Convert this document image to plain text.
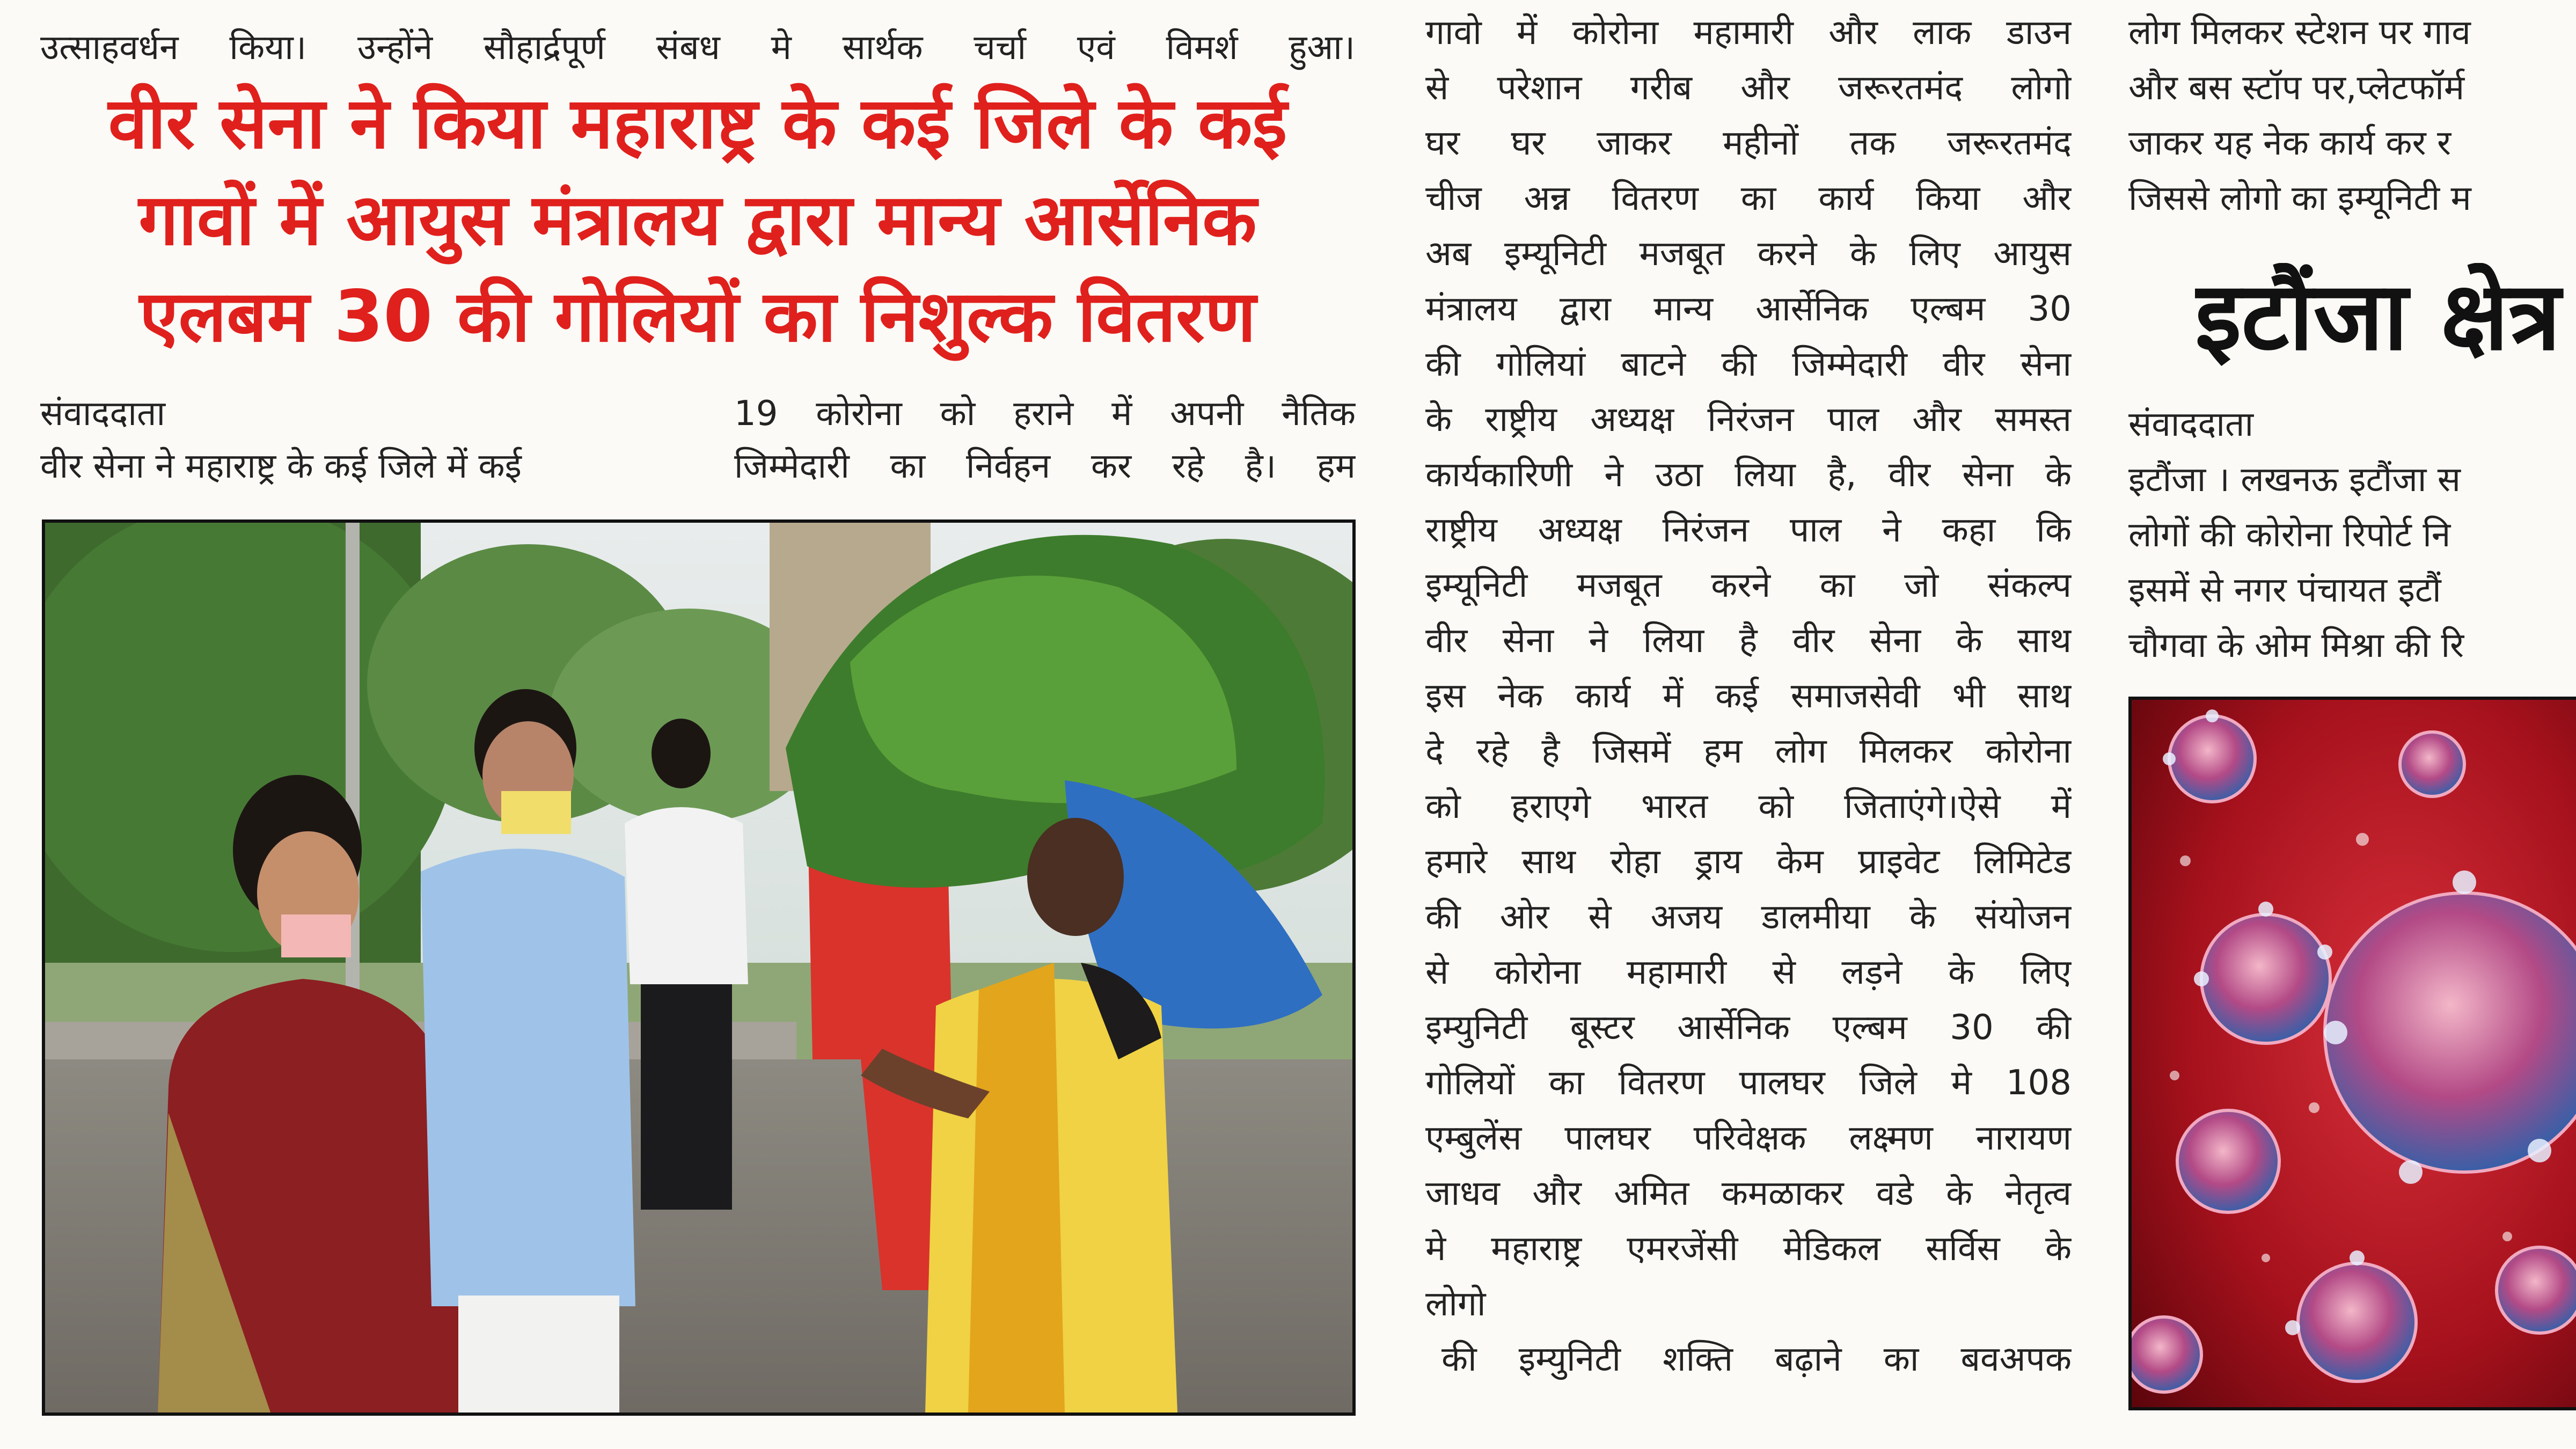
उत्साहवर्धन किया। उन्होंने सौहार्द्रपूर्ण संबध मे सार्थक चर्चा एवं विमर्श हुआ।
वीर सेना ने किया महाराष्ट्र के कई जिले के कई
गावों में आयुस मंत्रालय द्वारा मान्य आर्सेनिक
एलबम 30 की गोलियों का निशुल्क वितरण
संवाददाता
वीर सेना ने महाराष्ट्र के कई जिले में कई
19 कोरोना को हराने में अपनी नैतिक
जिम्मेदारी का निर्वहन कर रहे है। हम
गावो में कोरोना महामारी और लाक डाउन
से परेशान गरीब और जरूरतमंद लोगो
घर घर जाकर महीनों तक जरूरतमंद
चीज अन्न वितरण का कार्य किया और
अब इम्यूनिटी मजबूत करने के लिए आयुस
मंत्रालय द्वारा मान्य आर्सेनिक एल्बम 30
की गोलियां बाटने की जिम्मेदारी वीर सेना
के राष्ट्रीय अध्यक्ष निरंजन पाल और समस्त
कार्यकारिणी ने उठा लिया है, वीर सेना के
राष्ट्रीय अध्यक्ष निरंजन पाल ने कहा कि
इम्यूनिटी मजबूत करने का जो संकल्प
वीर सेना ने लिया है वीर सेना के साथ
इस नेक कार्य में कई समाजसेवी भी साथ
दे रहे है जिसमें हम लोग मिलकर कोरोना
को हराएगे भारत को जिताएंगे।ऐसे में
हमारे साथ रोहा ड्राय केम प्राइवेट लिमिटेड
की ओर से अजय डालमीया के संयोजन
से कोरोना महामारी से लड़ने के लिए
इम्युनिटी बूस्टर आर्सेनिक एल्बम 30 की
गोलियों का वितरण पालघर जिले मे 108
एम्बुलेंस पालघर परिवेक्षक लक्ष्मण नारायण
जाधव और अमित कमळाकर वडे के नेतृत्व
मे महाराष्ट्र एमरजेंसी मेडिकल सर्विस के
लोगो
की इम्युनिटी शक्ति बढ़ाने का बवअपक
लोग मिलकर स्टेशन पर गाव
और बस स्टॉप पर,प्लेटफॉर्म
जाकर यह नेक कार्य कर र
जिससे लोगो का इम्यूनिटी म
इटौंजा क्षेत्र
संवाददाता
इटौंजा । लखनऊ इटौंजा स
लोगों की कोरोना रिपोर्ट नि
इसमें से नगर पंचायत इटौं
चौगवा के ओम मिश्रा की रि
